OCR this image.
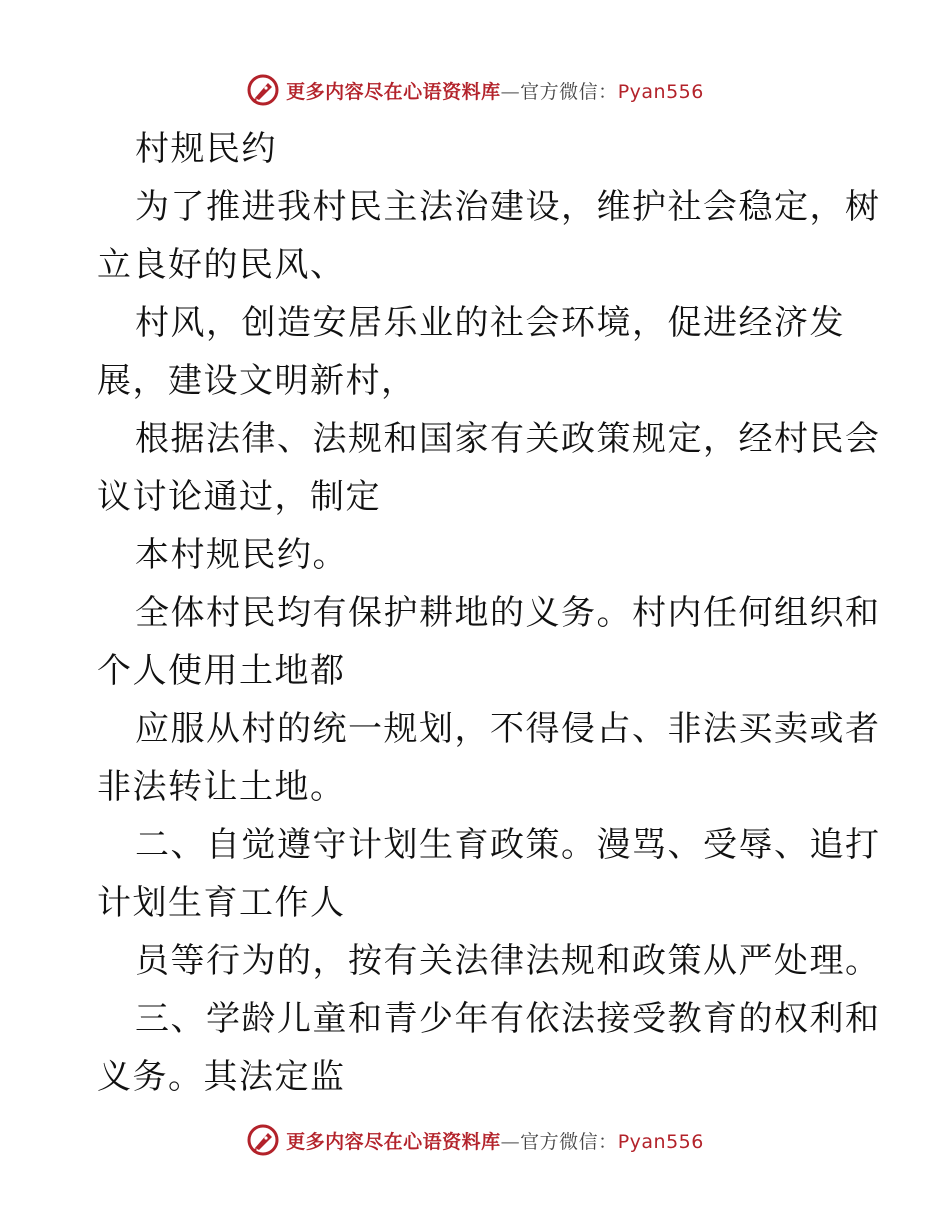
更多内容尽在心语资料库—官方微信：Pyan556
村规民约
为了推进我村民主法治建设，维护社会稳定，树
立良好的民风、
村风，创造安居乐业的社会环境，促进经济发
展，建设文明新村，
根据法律、法规和国家有关政策规定，经村民会
议讨论通过，制定
本村规民约。
全体村民均有保护耕地的义务。村内任何组织和
个人使用土地都
应服从村的统一规划，不得侵占、非法买卖或者
非法转让土地。
二、自觉遵守计划生育政策。漫骂、受辱、追打
计划生育工作人
员等行为的，按有关法律法规和政策从严处理。
三、学龄儿童和青少年有依法接受教育的权利和
义务。其法定监
更多内容尽在心语资料库—官方微信：Pyan556
